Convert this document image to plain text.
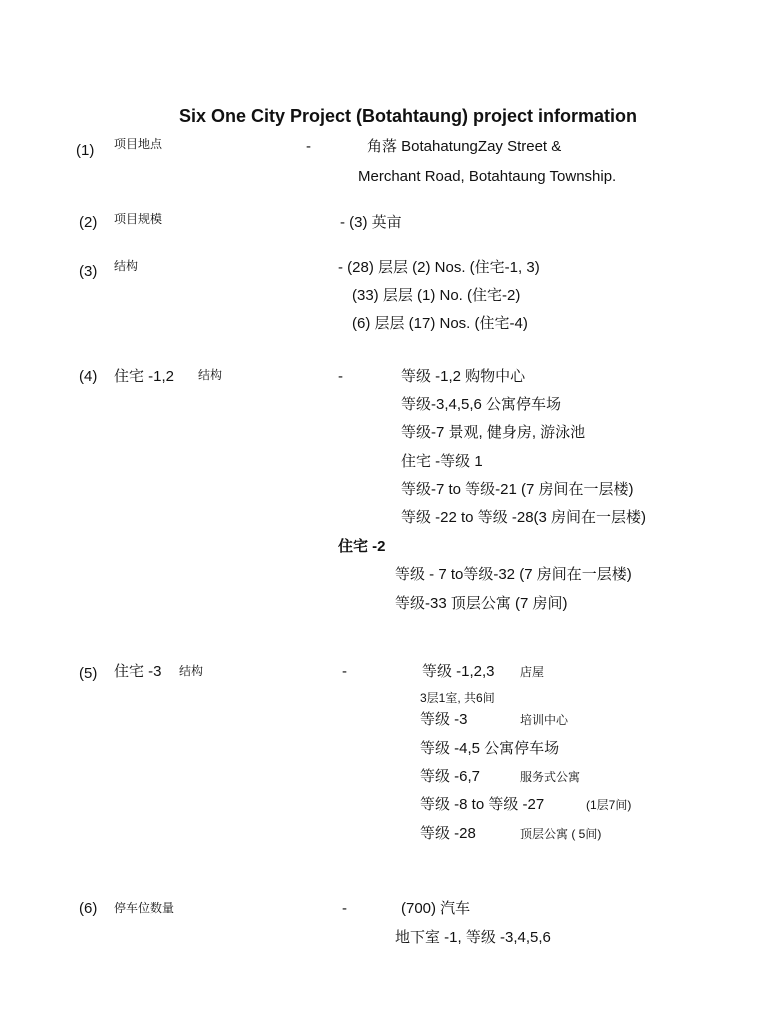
Six One City Project (Botahtaung) project information
(1) 项目地点	-	角落 BotahatungZay Street &
Merchant Road, Botahtaung Township.
(2) 项目规模	- (3) 英亩
(3) 结构	- (28) 层层 (2) Nos. (住宅-1, 3)
(33) 层层 (1) No. (住宅-2)
(6) 层层 (17) Nos. (住宅-4)
(4) 住宅 -1,2 结构	-	等级 -1,2 购物中心
等级-3,4,5,6 公寓停车场
等级-7 景观, 健身房, 游泳池
住宅 -等级 1
等级-7 to 等级-21 (7 房间在一层楼)
等级 -22 to 等级 -28(3 房间在一层楼)
住宅 -2
等级 - 7 to等级-32 (7 房间在一层楼)
等级-33 顶层公寓 (7 房间)
(5) 住宅 -3 结构	-	等级 -1,2,3 店屋
3层1室, 共6间
等级 -3	培训中心
等级 -4,5 公寓停车场
等级 -6,7	服务式公寓
等级 -8 to 等级 -27	(1层7间)
等级 -28	顶层公寓 ( 5间)
(6) 停车位数量	-	(700) 汽车
地下室 -1, 等级 -3,4,5,6
